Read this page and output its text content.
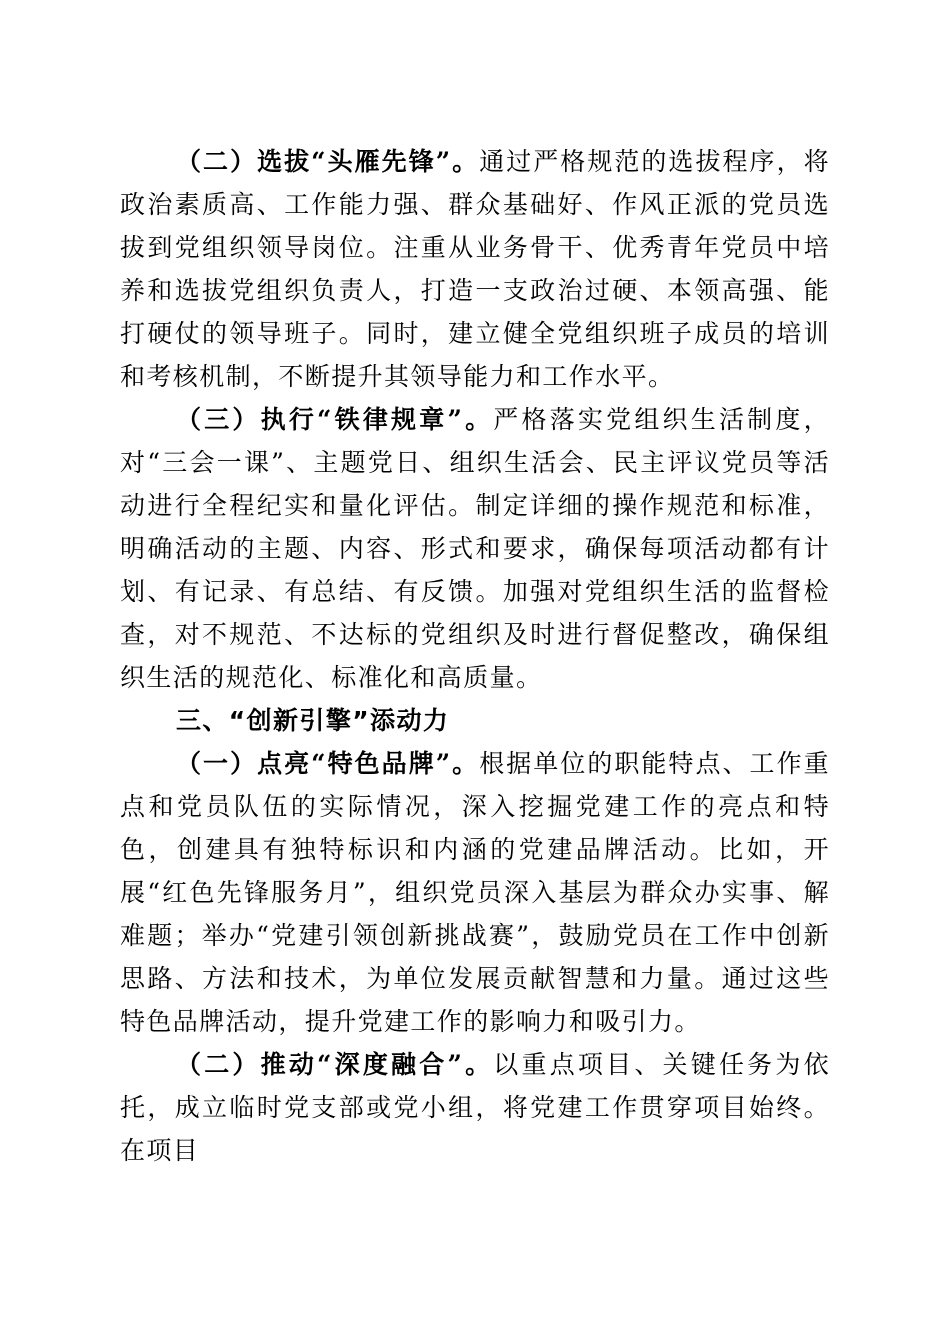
（二）选拔“头雁先锋”。通过严格规范的选拔程序，将政治素质高、工作能力强、群众基础好、作风正派的党员选拔到党组织领导岗位。注重从业务骨干、优秀青年党员中培养和选拔党组织负责人，打造一支政治过硬、本领高强、能打硬仗的领导班子。同时，建立健全党组织班子成员的培训和考核机制，不断提升其领导能力和工作水平。

（三）执行“铁律规章”。严格落实党组织生活制度，对“三会一课”、主题党日、组织生活会、民主评议党员等活动进行全程纪实和量化评估。制定详细的操作规范和标准，明确活动的主题、内容、形式和要求，确保每项活动都有计划、有记录、有总结、有反馈。加强对党组织生活的监督检查，对不规范、不达标的党组织及时进行督促整改，确保组织生活的规范化、标准化和高质量。

三、“创新引擎”添动力

（一）点亮“特色品牌”。根据单位的职能特点、工作重点和党员队伍的实际情况，深入挖掘党建工作的亮点和特色，创建具有独特标识和内涵的党建品牌活动。比如，开展“红色先锋服务月”，组织党员深入基层为群众办实事、解难题；举办“党建引领创新挑战赛”，鼓励党员在工作中创新思路、方法和技术，为单位发展贡献智慧和力量。通过这些特色品牌活动，提升党建工作的影响力和吸引力。

（二）推动“深度融合”。以重点项目、关键任务为依托，成立临时党支部或党小组，将党建工作贯穿项目始终。在项目
